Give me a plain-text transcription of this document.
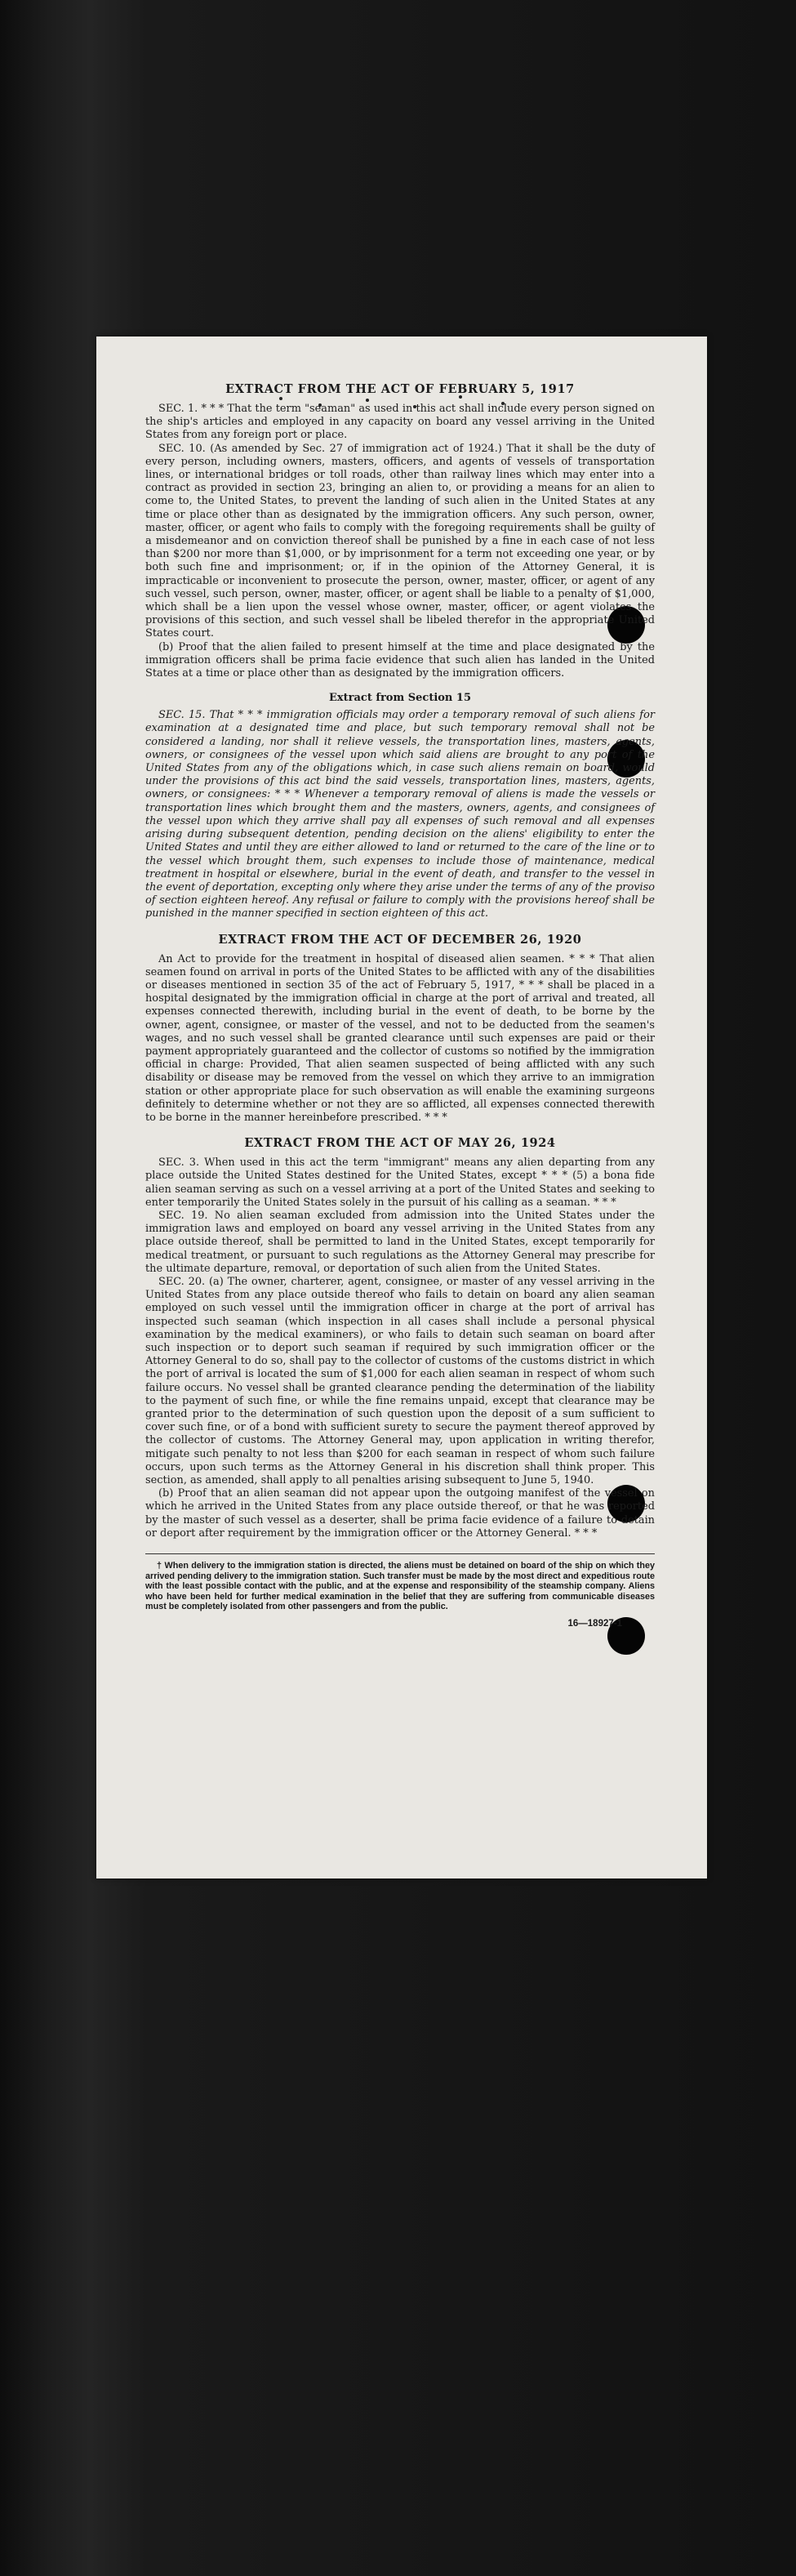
EXTRACT FROM THE ACT OF FEBRUARY 5, 1917

SEC. 1. * * * That the term "seaman" as used in this act shall include every person signed on the ship's articles and employed in any capacity on board any vessel arriving in the United States from any foreign port or place.

SEC. 10. (As amended by Sec. 27 of immigration act of 1924.) That it shall be the duty of every person, including owners, masters, officers, and agents of vessels of transportation lines, or international bridges or toll roads, other than railway lines which may enter into a contract as provided in section 23, bringing an alien to, or providing a means for an alien to come to, the United States, to prevent the landing of such alien in the United States at any time or place other than as designated by the immigration officers. Any such person, owner, master, officer, or agent who fails to comply with the foregoing requirements shall be guilty of a misdemeanor and on conviction thereof shall be punished by a fine in each case of not less than $200 nor more than $1,000, or by imprisonment for a term not exceeding one year, or by both such fine and imprisonment; or, if in the opinion of the Attorney General, it is impracticable or inconvenient to prosecute the person, owner, master, officer, or agent of any such vessel, such person, owner, master, officer, or agent shall be liable to a penalty of $1,000, which shall be a lien upon the vessel whose owner, master, officer, or agent violates the provisions of this section, and such vessel shall be libeled therefor in the appropriate United States court.

(b) Proof that the alien failed to present himself at the time and place designated by the immigration officers shall be prima facie evidence that such alien has landed in the United States at a time or place other than as designated by the immigration officers.

Extract from Section 15

SEC. 15. That * * * immigration officials may order a temporary removal of such aliens for examination at a designated time and place, but such temporary removal shall not be considered a landing, nor shall it relieve vessels, the transportation lines, masters, agents, owners, or consignees of the vessel upon which said aliens are brought to any port of the United States from any of the obligations which, in case such aliens remain on board, would under the provisions of this act bind the said vessels, transportation lines, masters, agents, owners, or consignees: * * * Whenever a temporary removal of aliens is made the vessels or transportation lines which brought them and the masters, owners, agents, and consignees of the vessel upon which they arrive shall pay all expenses of such removal and all expenses arising during subsequent detention, pending decision on the aliens' eligibility to enter the United States and until they are either allowed to land or returned to the care of the line or to the vessel which brought them, such expenses to include those of maintenance, medical treatment in hospital or elsewhere, burial in the event of death, and transfer to the vessel in the event of deportation, excepting only where they arise under the terms of any of the proviso of section eighteen hereof. Any refusal or failure to comply with the provisions hereof shall be punished in the manner specified in section eighteen of this act.

EXTRACT FROM THE ACT OF DECEMBER 26, 1920

An Act to provide for the treatment in hospital of diseased alien seamen. * * * That alien seamen found on arrival in ports of the United States to be afflicted with any of the disabilities or diseases mentioned in section 35 of the act of February 5, 1917, * * * shall be placed in a hospital designated by the immigration official in charge at the port of arrival and treated, all expenses connected therewith, including burial in the event of death, to be borne by the owner, agent, consignee, or master of the vessel, and not to be deducted from the seamen's wages, and no such vessel shall be granted clearance until such expenses are paid or their payment appropriately guaranteed and the collector of customs so notified by the immigration official in charge: Provided, That alien seamen suspected of being afflicted with any such disability or disease may be removed from the vessel on which they arrive to an immigration station or other appropriate place for such observation as will enable the examining surgeons definitely to determine whether or not they are so afflicted, all expenses connected therewith to be borne in the manner hereinbefore prescribed. * * *

EXTRACT FROM THE ACT OF MAY 26, 1924

SEC. 3. When used in this act the term "immigrant" means any alien departing from any place outside the United States destined for the United States, except * * * (5) a bona fide alien seaman serving as such on a vessel arriving at a port of the United States and seeking to enter temporarily the United States solely in the pursuit of his calling as a seaman. * * *

SEC. 19. No alien seaman excluded from admission into the United States under the immigration laws and employed on board any vessel arriving in the United States from any place outside thereof, shall be permitted to land in the United States, except temporarily for medical treatment, or pursuant to such regulations as the Attorney General may prescribe for the ultimate departure, removal, or deportation of such alien from the United States.

SEC. 20. (a) The owner, charterer, agent, consignee, or master of any vessel arriving in the United States from any place outside thereof who fails to detain on board any alien seaman employed on such vessel until the immigration officer in charge at the port of arrival has inspected such seaman (which inspection in all cases shall include a personal physical examination by the medical examiners), or who fails to detain such seaman on board after such inspection or to deport such seaman if required by such immigration officer or the Attorney General to do so, shall pay to the collector of customs of the customs district in which the port of arrival is located the sum of $1,000 for each alien seaman in respect of whom such failure occurs. No vessel shall be granted clearance pending the determination of the liability to the payment of such fine, or while the fine remains unpaid, except that clearance may be granted prior to the determination of such question upon the deposit of a sum sufficient to cover such fine, or of a bond with sufficient surety to secure the payment thereof approved by the collector of customs. The Attorney General may, upon application in writing therefor, mitigate such penalty to not less than $200 for each seaman in respect of whom such failure occurs, upon such terms as the Attorney General in his discretion shall think proper. This section, as amended, shall apply to all penalties arising subsequent to June 5, 1940.

(b) Proof that an alien seaman did not appear upon the outgoing manifest of the vessel on which he arrived in the United States from any place outside thereof, or that he was reported by the master of such vessel as a deserter, shall be prima facie evidence of a failure to detain or deport after requirement by the immigration officer or the Attorney General. * * *

† When delivery to the immigration station is directed, the aliens must be detained on board of the ship on which they arrived pending delivery to the immigration station. Such transfer must be made by the most direct and expeditious route with the least possible contact with the public, and at the expense and responsibility of the steamship company. Aliens who have been held for further medical examination in the belief that they are suffering from communicable diseases must be completely isolated from other passengers and from the public.

16—18927-1
